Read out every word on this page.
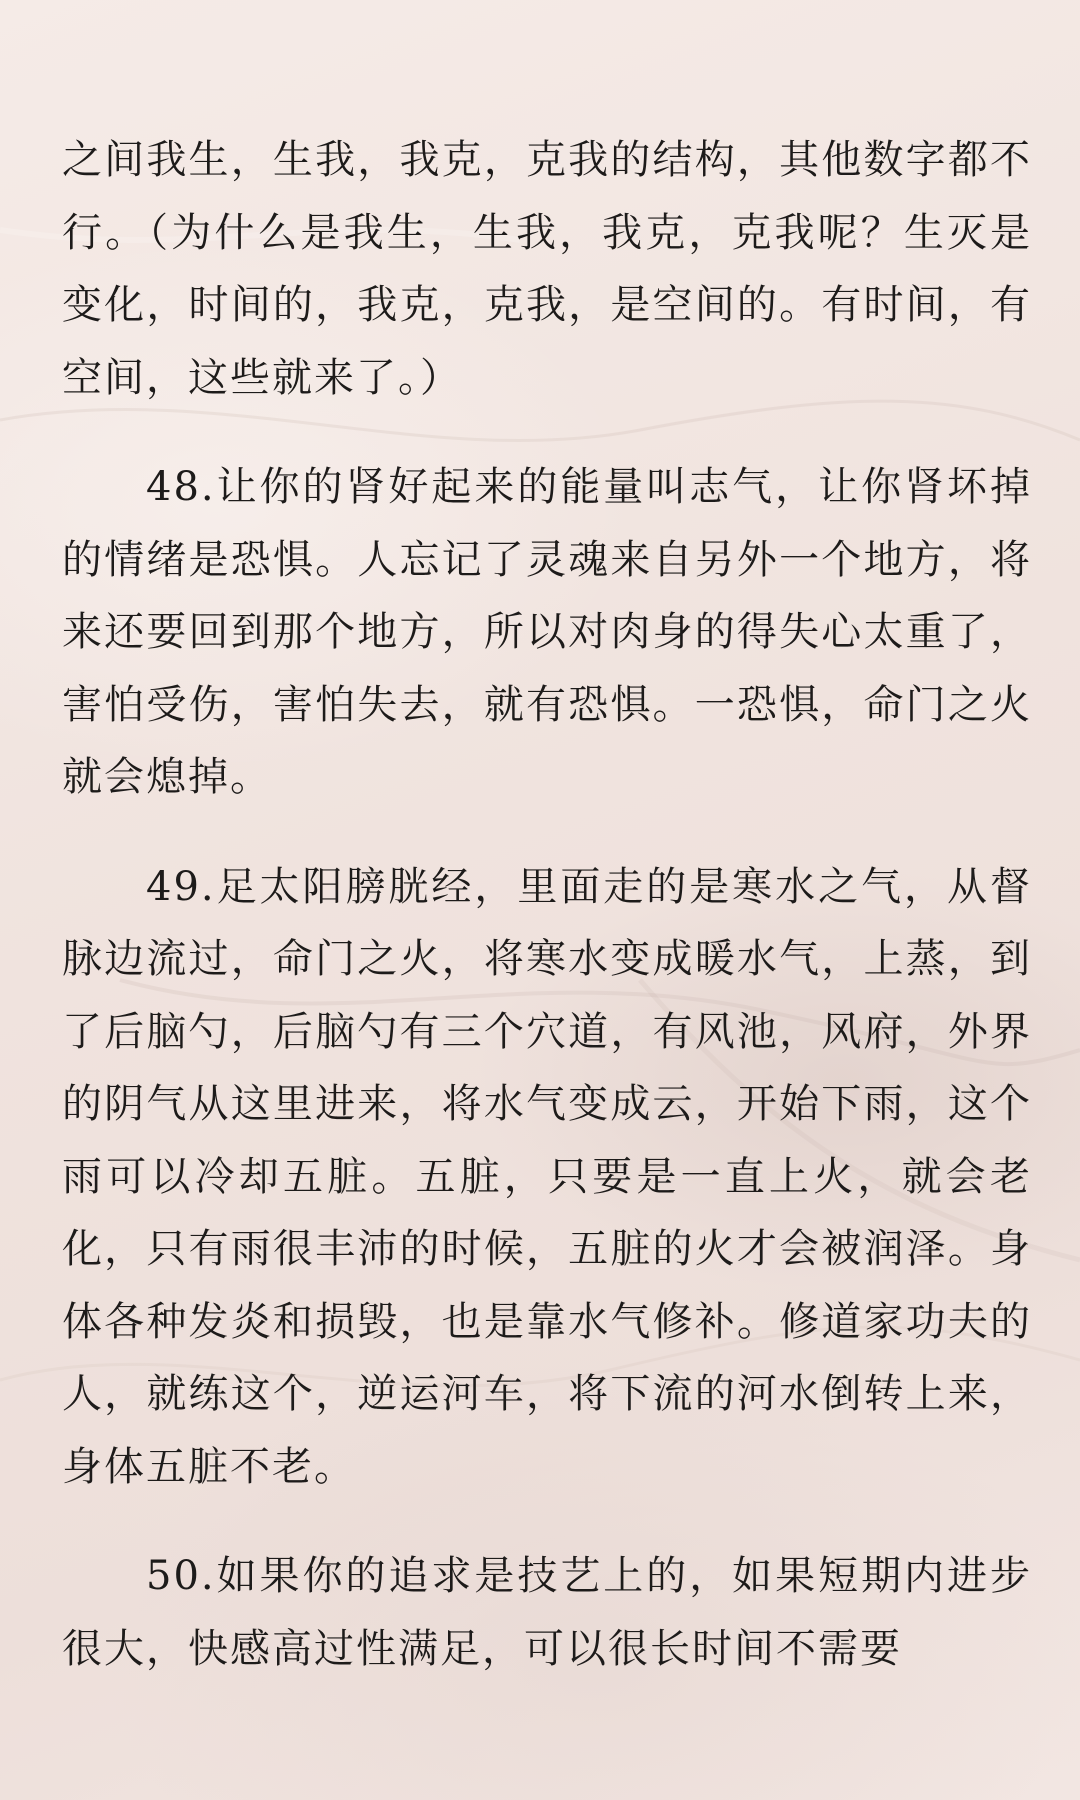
之间我生，生我，我克，克我的结构，其他数字都不行。（为什么是我生，生我，我克，克我呢？生灭是变化，时间的，我克，克我，是空间的。有时间，有空间，这些就来了。）

48.让你的肾好起来的能量叫志气，让你肾坏掉的情绪是恐惧。人忘记了灵魂来自另外一个地方，将来还要回到那个地方，所以对肉身的得失心太重了，害怕受伤，害怕失去，就有恐惧。一恐惧，命门之火就会熄掉。

49.足太阳膀胱经，里面走的是寒水之气，从督脉边流过，命门之火，将寒水变成暖水气，上蒸，到了后脑勺，后脑勺有三个穴道，有风池，风府，外界的阴气从这里进来，将水气变成云，开始下雨，这个雨可以冷却五脏。五脏，只要是一直上火，就会老化，只有雨很丰沛的时候，五脏的火才会被润泽。身体各种发炎和损毁，也是靠水气修补。修道家功夫的人，就练这个，逆运河车，将下流的河水倒转上来，身体五脏不老。

50.如果你的追求是技艺上的，如果短期内进步很大，快感高过性满足，可以很长时间不需要
